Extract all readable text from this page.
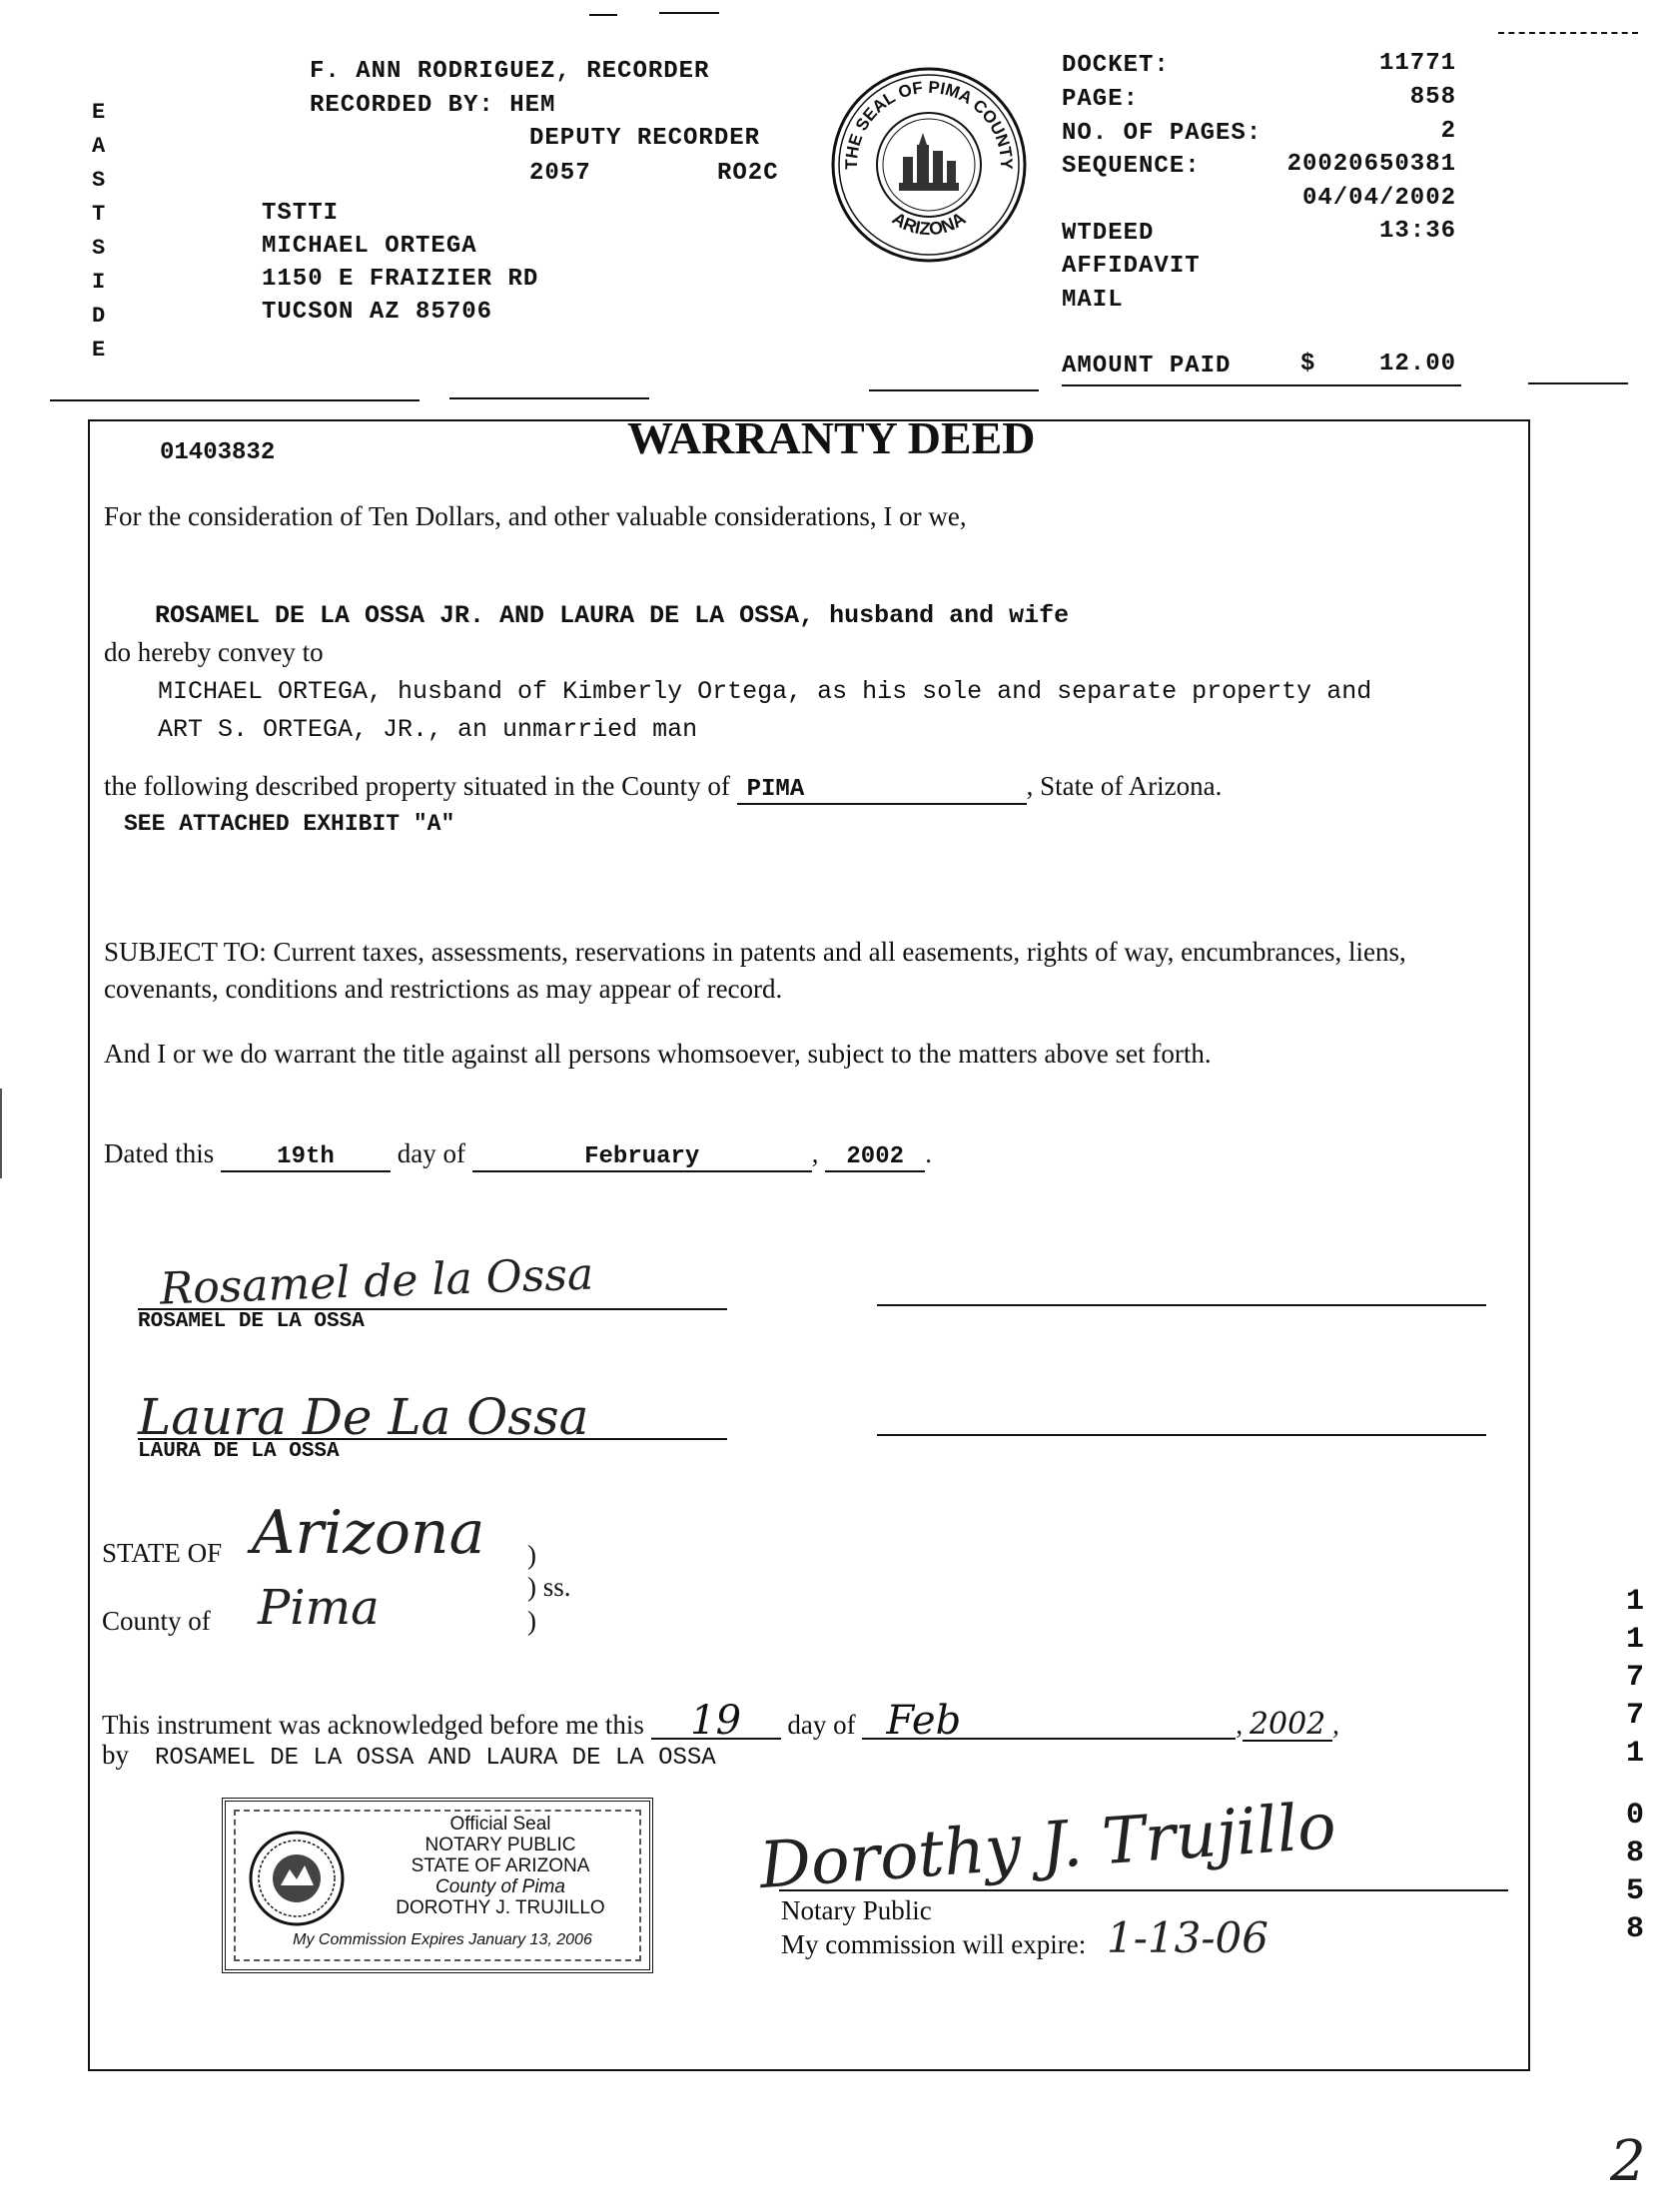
F. ANN RODRIGUEZ, RECORDER
RECORDED BY: HEM
DEPUTY RECORDER
2057	RO2C
E
A
S
T
S
I
D
E
TSTTI
MICHAEL ORTEGA
1150 E FRAIZIER RD
TUCSON AZ 85706
THE SEAL OF PIMA COUNTY
ARIZONA
DOCKET:	11771
PAGE:	858
NO. OF PAGES:	2
SEQUENCE:	20020650381
04/04/2002
WTDEED	13:36
AFFIDAVIT
MAIL
AMOUNT PAID	$	12.00
01403832	WARRANTY DEED
For the consideration of Ten Dollars, and other valuable considerations, I or we,
ROSAMEL DE LA OSSA JR. AND LAURA DE LA OSSA, husband and wife
do hereby convey to
MICHAEL ORTEGA, husband of Kimberly Ortega, as his sole and separate property and
ART S. ORTEGA, JR., an unmarried man
the following described property situated in the County of PIMA	, State of Arizona.
SEE ATTACHED EXHIBIT "A"
SUBJECT TO: Current taxes, assessments, reservations in patents and all easements, rights of way, encumbrances, liens,
covenants, conditions and restrictions as may appear of record.
And I or we do warrant the title against all persons whomsoever, subject to the matters above set forth.
Dated this	19th day of	February	, 2002 .
Rosamel de la Ossa
ROSAMEL DE LA OSSA
Laura De La Ossa
LAURA DE LA OSSA
STATE OF Arizona )
) ss.
County of Pima	)
This instrument was acknowledged before me this 19 day of Feb	, 2002 ,
by ROSAMEL DE LA OSSA AND LAURA DE LA OSSA
Official Seal
NOTARY PUBLIC
STATE OF ARIZONA
County of Pima
DOROTHY J. TRUJILLO
My Commission Expires January 13, 2006
Dorothy J. Trujillo
Notary Public
My commission will expire: 1-13-06
1
1
7
7
1
0
8
5
8
2
